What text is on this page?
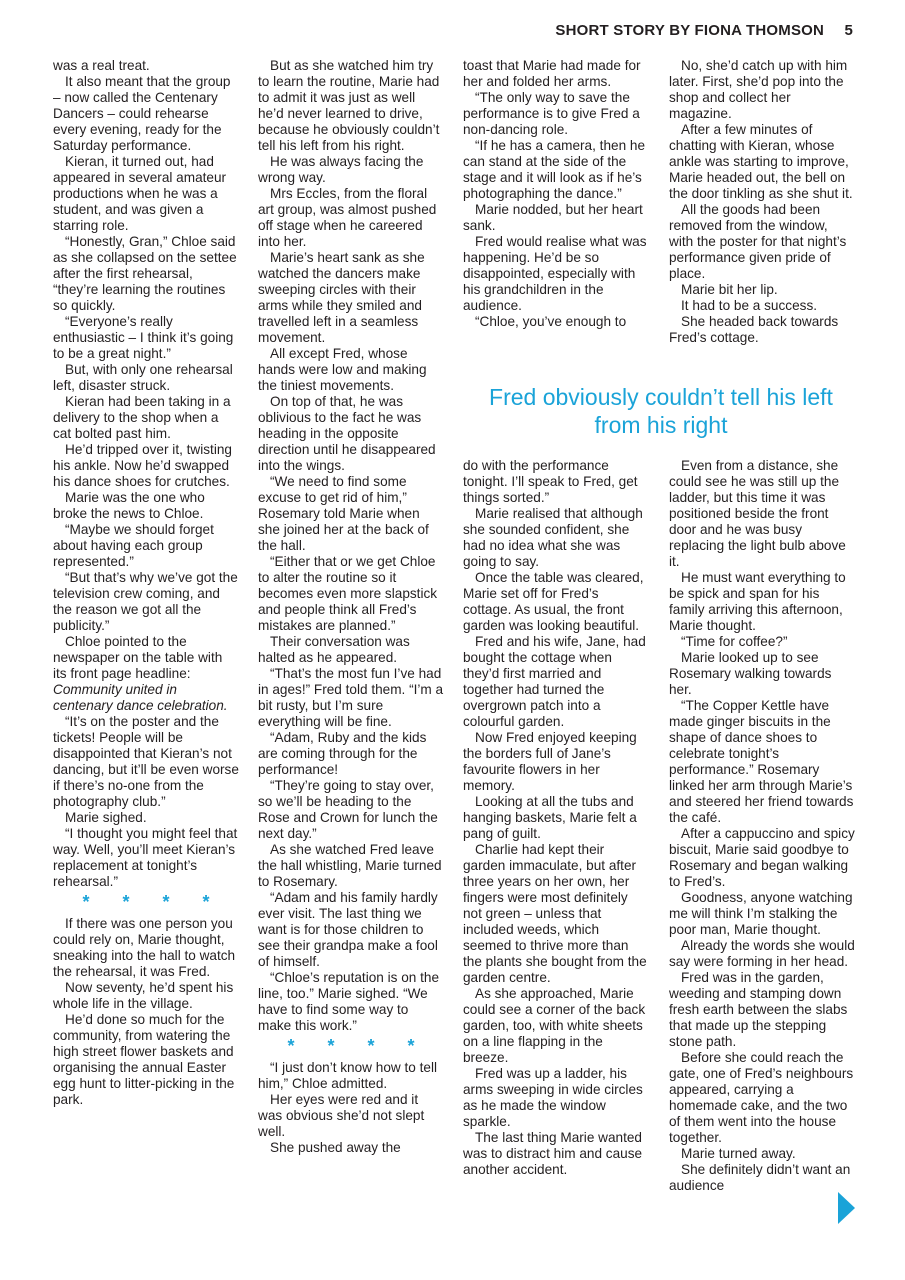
SHORT STORY BY FIONA THOMSON 5

was a real treat.

It also meant that the group – now called the Centenary Dancers – could rehearse every evening, ready for the Saturday performance.

Kieran, it turned out, had appeared in several amateur productions when he was a student, and was given a starring role.

“Honestly, Gran,” Chloe said as she collapsed on the settee after the first rehearsal, “they’re learning the routines so quickly.

“Everyone’s really enthusiastic – I think it’s going to be a great night.”

But, with only one rehearsal left, disaster struck.

Kieran had been taking in a delivery to the shop when a cat bolted past him.

He’d tripped over it, twisting his ankle. Now he’d swapped his dance shoes for crutches.

Marie was the one who broke the news to Chloe.

“Maybe we should forget about having each group represented.”

“But that’s why we’ve got the television crew coming, and the reason we got all the publicity.”

Chloe pointed to the newspaper on the table with its front page headline: Community united in centenary dance celebration.

“It’s on the poster and the tickets! People will be disappointed that Kieran’s not dancing, but it’ll be even worse if there’s no-one from the photography club.”

Marie sighed.

“I thought you might feel that way. Well, you’ll meet Kieran’s replacement at tonight’s rehearsal.”

* * * *

If there was one person you could rely on, Marie thought, sneaking into the hall to watch the rehearsal, it was Fred.

Now seventy, he’d spent his whole life in the village.

He’d done so much for the community, from watering the high street flower baskets and organising the annual Easter egg hunt to litter-picking in the park.

But as she watched him try to learn the routine, Marie had to admit it was just as well he’d never learned to drive, because he obviously couldn’t tell his left from his right.

He was always facing the wrong way.

Mrs Eccles, from the floral art group, was almost pushed off stage when he careered into her.

Marie’s heart sank as she watched the dancers make sweeping circles with their arms while they smiled and travelled left in a seamless movement.

All except Fred, whose hands were low and making the tiniest movements.

On top of that, he was oblivious to the fact he was heading in the opposite direction until he disappeared into the wings.

“We need to find some excuse to get rid of him,” Rosemary told Marie when she joined her at the back of the hall.

“Either that or we get Chloe to alter the routine so it becomes even more slapstick and people think all Fred’s mistakes are planned.”

Their conversation was halted as he appeared.

“That’s the most fun I’ve had in ages!” Fred told them. “I’m a bit rusty, but I’m sure everything will be fine.

“Adam, Ruby and the kids are coming through for the performance!

“They’re going to stay over, so we’ll be heading to the Rose and Crown for lunch the next day.”

As she watched Fred leave the hall whistling, Marie turned to Rosemary.

“Adam and his family hardly ever visit. The last thing we want is for those children to see their grandpa make a fool of himself.

“Chloe’s reputation is on the line, too.” Marie sighed. “We have to find some way to make this work.”

* * * *

“I just don’t know how to tell him,” Chloe admitted.

Her eyes were red and it was obvious she’d not slept well.

She pushed away the

toast that Marie had made for her and folded her arms.

“The only way to save the performance is to give Fred a non-dancing role.

“If he has a camera, then he can stand at the side of the stage and it will look as if he’s photographing the dance.”

Marie nodded, but her heart sank.

Fred would realise what was happening. He’d be so disappointed, especially with his grandchildren in the audience.

“Chloe, you’ve enough to

No, she’d catch up with him later. First, she’d pop into the shop and collect her magazine.

After a few minutes of chatting with Kieran, whose ankle was starting to improve, Marie headed out, the bell on the door tinkling as she shut it.

All the goods had been removed from the window, with the poster for that night’s performance given pride of place.

Marie bit her lip.

It had to be a success.

She headed back towards Fred’s cottage.

Fred obviously couldn’t tell his left from his right

do with the performance tonight. I’ll speak to Fred, get things sorted.”

Marie realised that although she sounded confident, she had no idea what she was going to say.

Once the table was cleared, Marie set off for Fred’s cottage. As usual, the front garden was looking beautiful.

Fred and his wife, Jane, had bought the cottage when they’d first married and together had turned the overgrown patch into a colourful garden.

Now Fred enjoyed keeping the borders full of Jane’s favourite flowers in her memory.

Looking at all the tubs and hanging baskets, Marie felt a pang of guilt.

Charlie had kept their garden immaculate, but after three years on her own, her fingers were most definitely not green – unless that included weeds, which seemed to thrive more than the plants she bought from the garden centre.

As she approached, Marie could see a corner of the back garden, too, with white sheets on a line flapping in the breeze.

Fred was up a ladder, his arms sweeping in wide circles as he made the window sparkle.

The last thing Marie wanted was to distract him and cause another accident.

Even from a distance, she could see he was still up the ladder, but this time it was positioned beside the front door and he was busy replacing the light bulb above it.

He must want everything to be spick and span for his family arriving this afternoon, Marie thought.

“Time for coffee?”

Marie looked up to see Rosemary walking towards her.

“The Copper Kettle have made ginger biscuits in the shape of dance shoes to celebrate tonight’s performance.” Rosemary linked her arm through Marie’s and steered her friend towards the café.

After a cappuccino and spicy biscuit, Marie said goodbye to Rosemary and began walking to Fred’s.

Goodness, anyone watching me will think I’m stalking the poor man, Marie thought.

Already the words she would say were forming in her head.

Fred was in the garden, weeding and stamping down fresh earth between the slabs that made up the stepping stone path.

Before she could reach the gate, one of Fred’s neighbours appeared, carrying a homemade cake, and the two of them went into the house together.

Marie turned away.

She definitely didn’t want an audience
